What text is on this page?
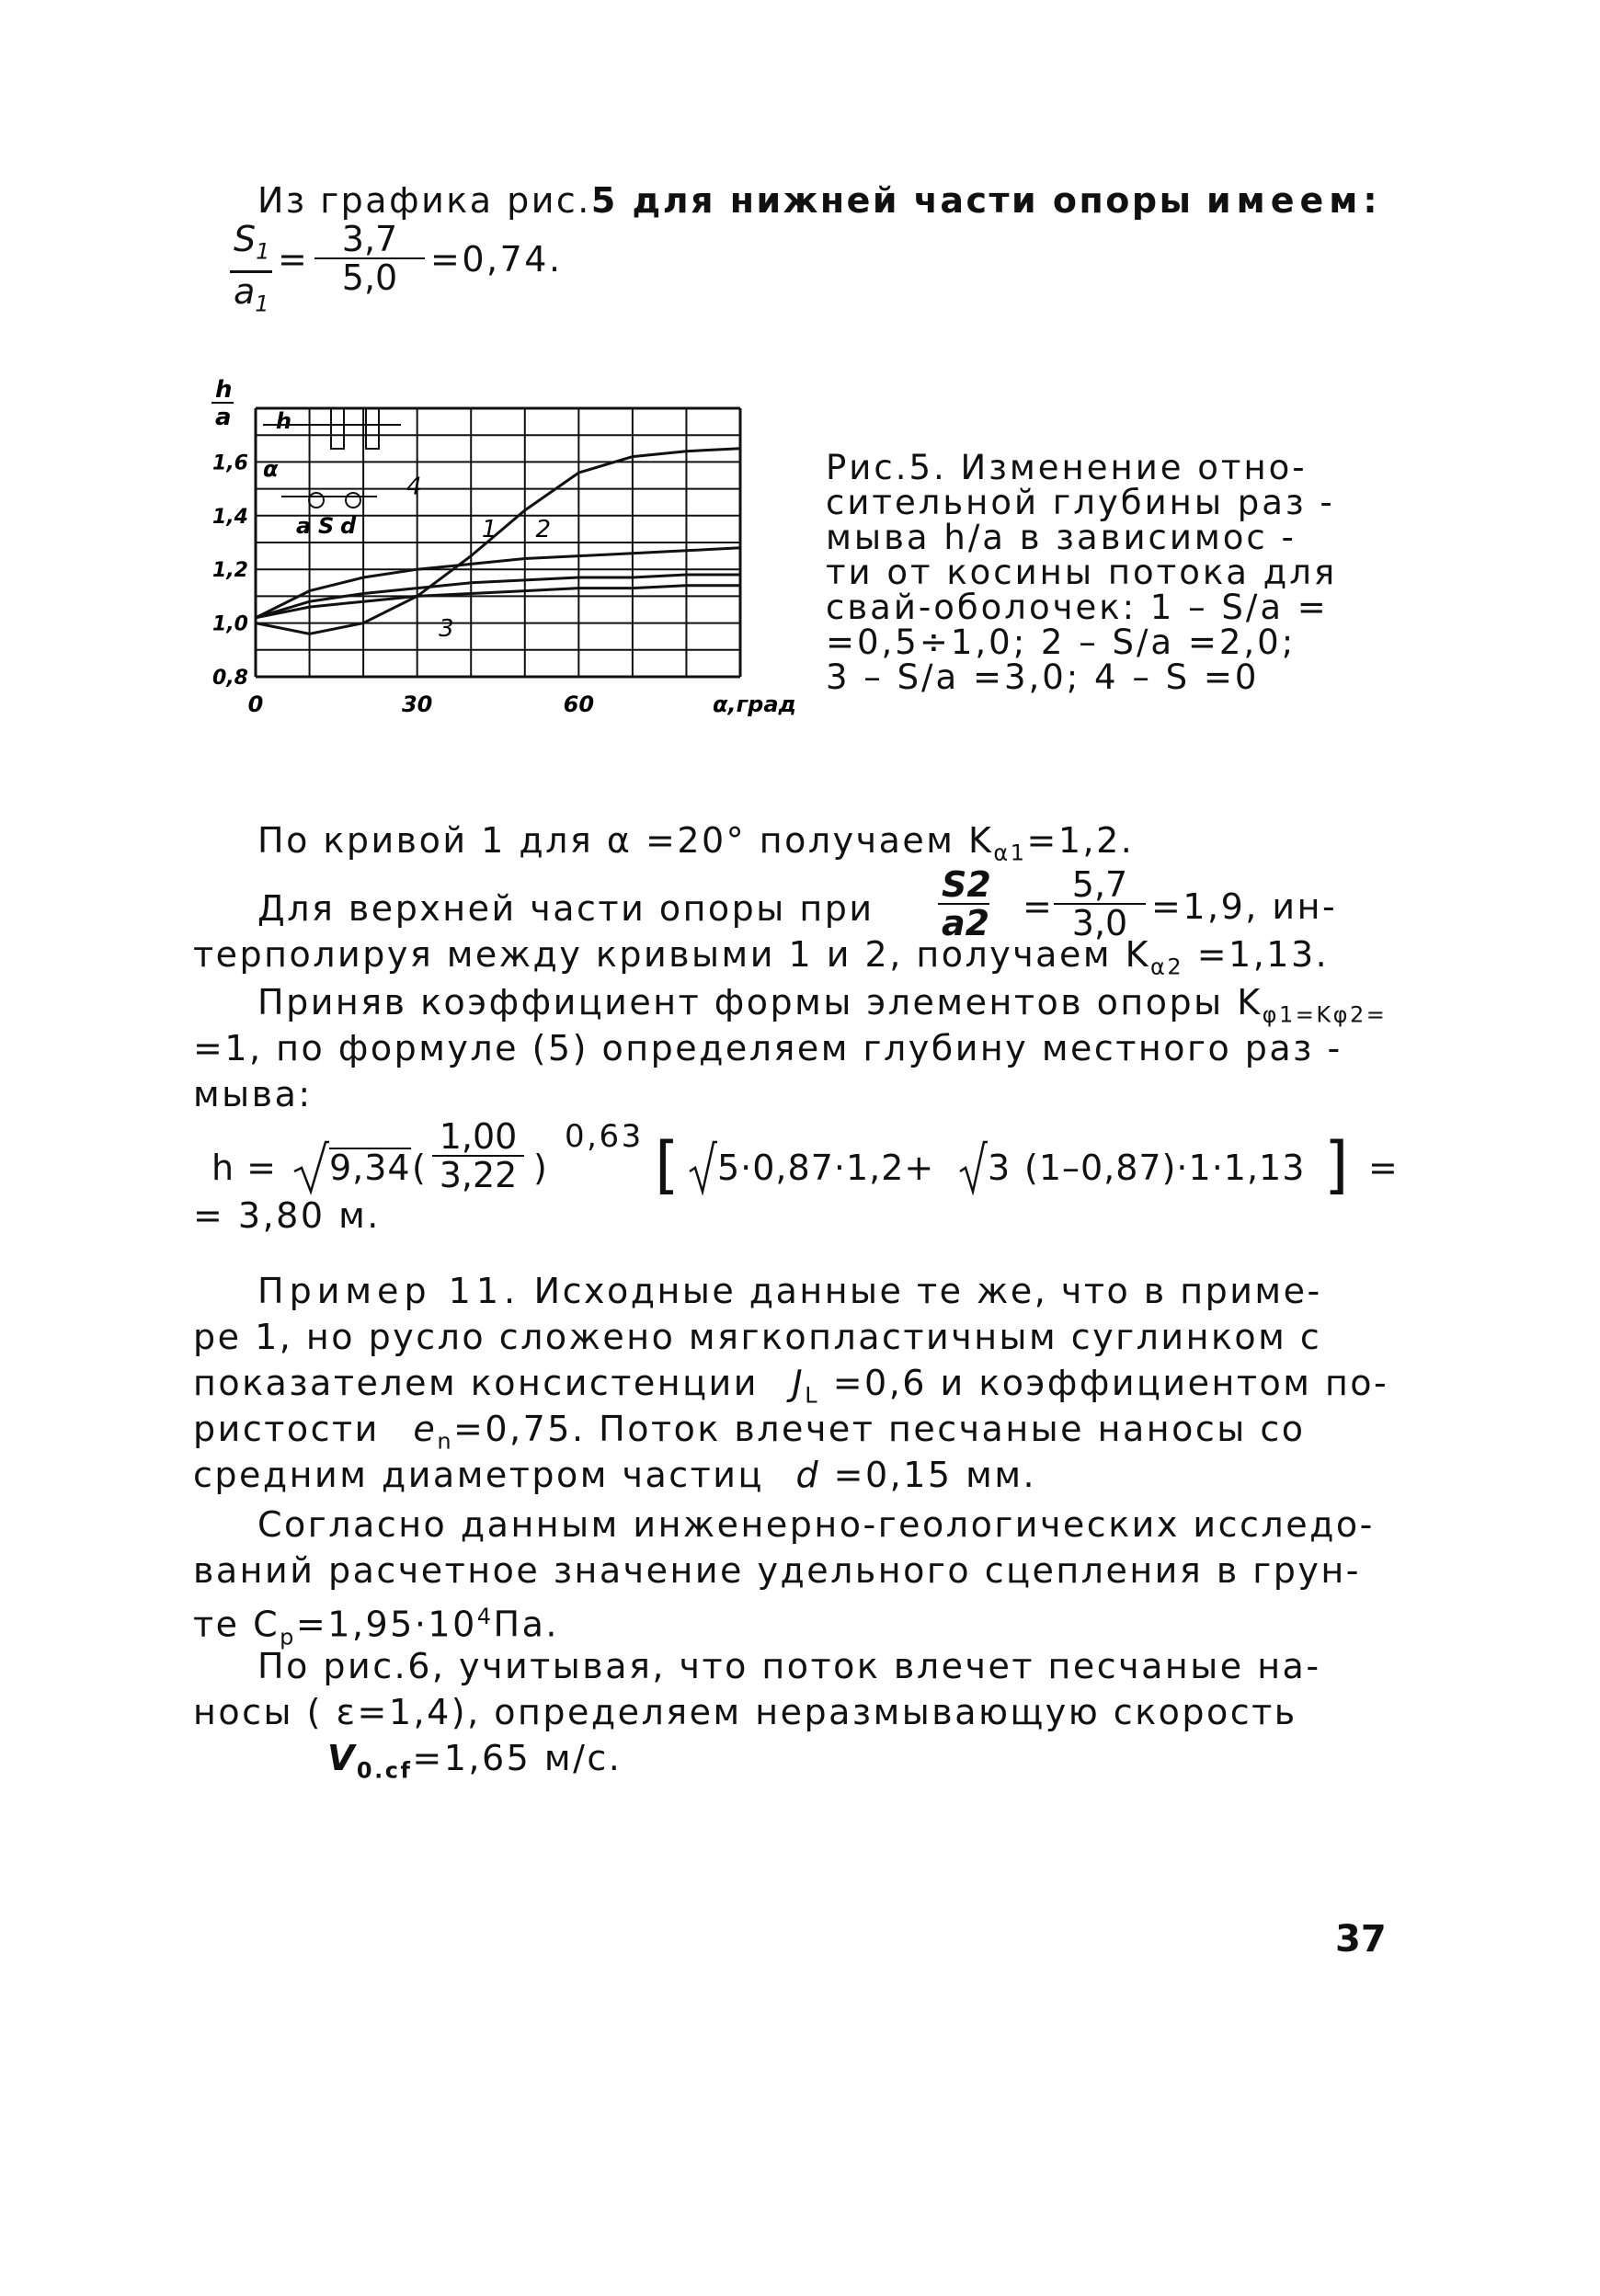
Из графика рис.5 для нижней части опоры имеем:
$\frac{S_1}{a_1} = \frac{3,7}{5,0} =0,74$.
0,8
1,0
1,2
1,4
1,6
0	30	60	α,град
h
a
1 2
3
4
h
α
a S d
Рис.5. Изменение отно-
сительной глубины раз -
мыва h/a в зависимос -
ти от косины потока для
свай-оболочек: 1 – S/a =
=0,5÷1,0; 2 – S/a =2,0;
3 – S/a =3,0; 4 – S =0
По кривой 1 для α =20° получаем $K_{\alpha 1}=1,2$.
Для верхней части опоры при $\frac{S2}{a2} = \frac{5,7}{3,0} =1,9$, ин-
терполируя между кривыми 1 и 2, получаем $K_{\alpha 2} =1,13$.
Приняв коэффициент формы элементов опоры $K_{\varphi 1=K\varphi 2=}$
=1, по формуле (5) определяем глубину местного раз -
мыва:
h = 9,34 ( $\frac{1,00}{3,22}$ )
0,63 [ 5·0,87·1,2+ 3 (1–0,87)·1·1,13 ] =
= 3,80 м.
Пример 11. Исходные данные те же, что в приме-
ре 1, но русло сложено мягкопластичным суглинком с
показателем консистенции $J_L =0,6$ и коэффициентом по-
ристости $e_n=0,75$. Поток влечет песчаные наносы со
средним диаметром частиц d =0,15 мм.
Согласно данным инженерно-геологических исследо-
ваний расчетное значение удельного сцепления в грун-
те $C_p=1,95\cdot 10^4Па$.
По рис.6, учитывая, что поток влечет песчаные на-
носы ( ε=1,4), определяем неразмывающую скорость
$V_{0.cf}=1,65$ м/с.
37
